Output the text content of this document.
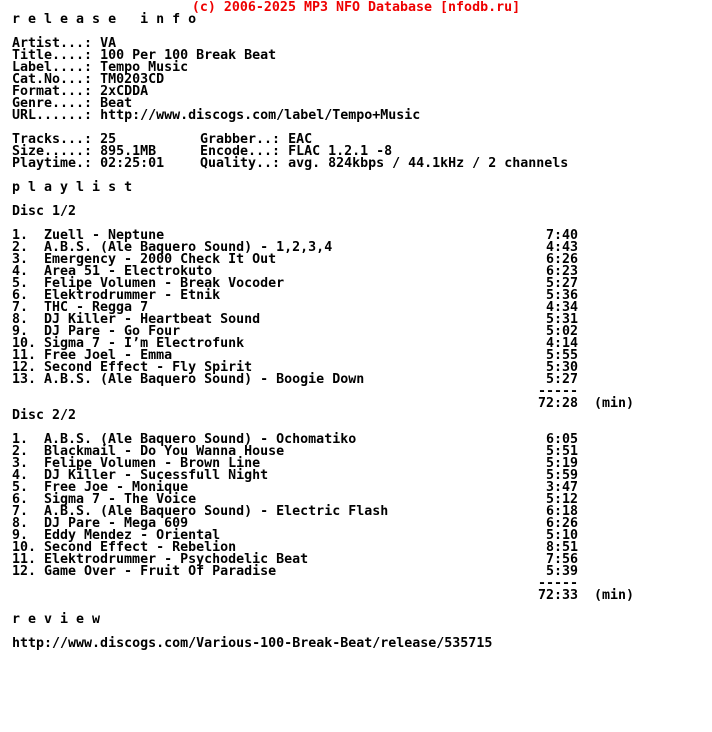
(c) 2006-2025 MP3 NFO Database [nfodb.ru]
r e l e a s e   i n f o
Artist...: VA
Title....: 100 Per 100 Break Beat
Label....: Tempo Music
Cat.No...: TM0203CD
Format...: 2xCDDA
Genre....: Beat
URL......: http://www.discogs.com/label/Tempo+Music
Tracks...: 25	Grabber..: EAC
Size.....: 895.1MB	Encode...: FLAC 1.2.1 -8
Playtime.: 02:25:01	Quality..: avg. 824kbps / 44.1kHz / 2 channels
p l a y l i s t
Disc 1/2
1.	Zuell - Neptune	7:40
2.	A.B.S. (Ale Baquero Sound) - 1,2,3,4	4:43
3.	Emergency - 2000 Check It Out	6:26
4.	Area 51 - Electrokuto	6:23
5.	Felipe Volumen - Break Vocoder	5:27
6.	Elektrodrummer - Etnik	5:36
7.	THC - Regga 7	4:34
8.	DJ Killer - Heartbeat Sound	5:31
9.	DJ Pare - Go Four	5:02
10. Sigma 7 - I’m Electrofunk	4:14
11. Free Joel - Emma	5:55
12. Second Effect - Fly Spirit	5:30
13. A.B.S. (Ale Baquero Sound) - Boogie Down	5:27
-----
72:28	(min)
Disc 2/2
1.	A.B.S. (Ale Baquero Sound) - Ochomatiko	6:05
2.	Blackmail - Do You Wanna House	5:51
3.	Felipe Volumen - Brown Line	5:19
4.	DJ Killer - Sucessfull Night	5:59
5.	Free Joe - Monique	3:47
6.	Sigma 7 - The Voice	5:12
7.	A.B.S. (Ale Baquero Sound) - Electric Flash	6:18
8.	DJ Pare - Mega 609	6:26
9.	Eddy Mendez - Oriental	5:10
10. Second Effect - Rebelion	8:51
11. Elektrodrummer - Psychodelic Beat	7:56
12. Game Over - Fruit Of Paradise	5:39
-----
72:33	(min)
r e v i e w
http://www.discogs.com/Various-100-Break-Beat/release/535715
